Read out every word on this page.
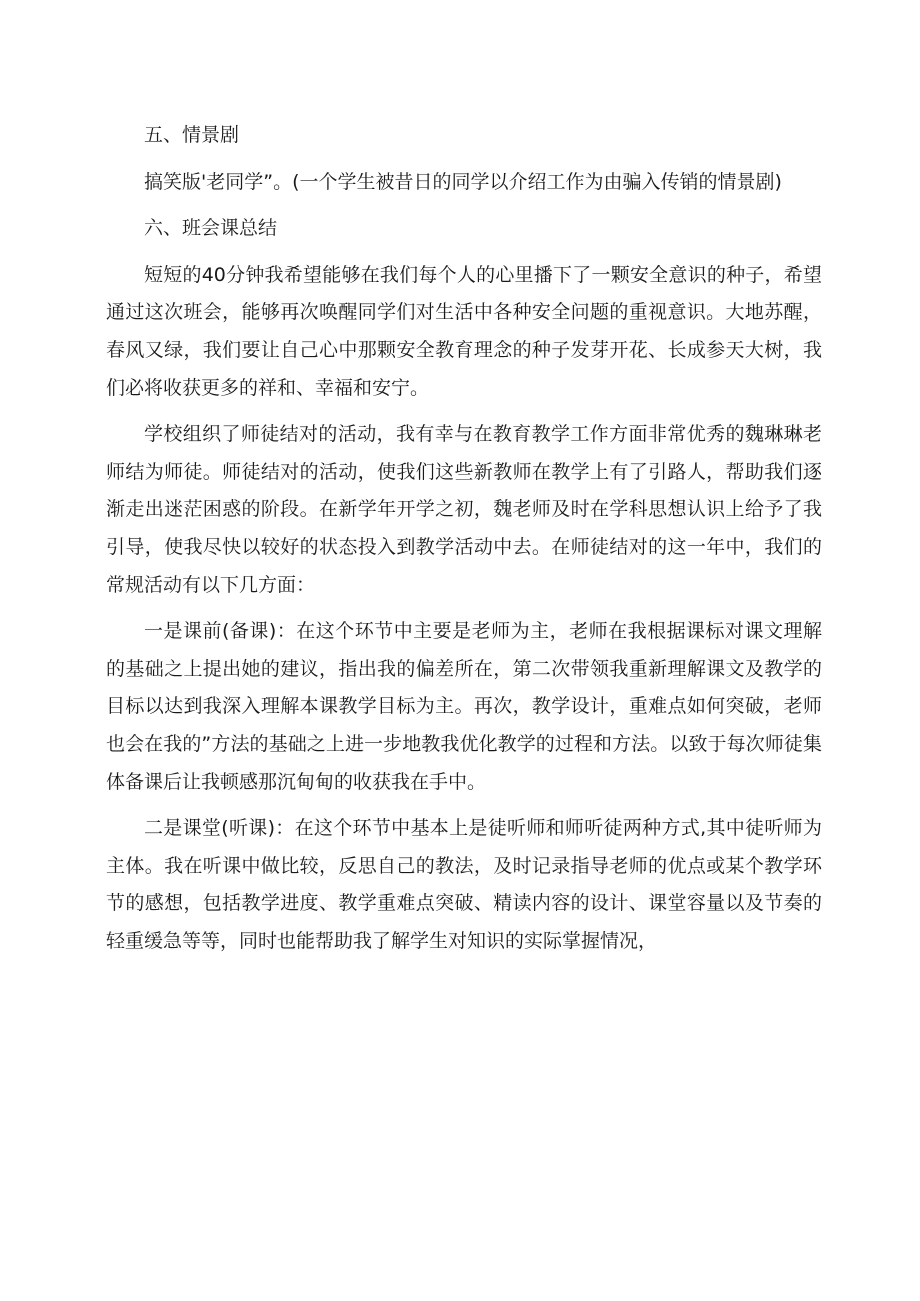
五、情景剧

搞笑版'老同学”。(一个学生被昔日的同学以介绍工作为由骗入传销的情景剧)

六、班会课总结

短短的40分钟我希望能够在我们每个人的心里播下了一颗安全意识的种子，希望通过这次班会，能够再次唤醒同学们对生活中各种安全问题的重视意识。大地苏醒，春风又绿，我们要让自己心中那颗安全教育理念的种子发芽开花、长成参天大树，我们必将收获更多的祥和、幸福和安宁。

学校组织了师徒结对的活动，我有幸与在教育教学工作方面非常优秀的魏琳琳老师结为师徒。师徒结对的活动，使我们这些新教师在教学上有了引路人，帮助我们逐渐走出迷茫困惑的阶段。在新学年开学之初，魏老师及时在学科思想认识上给予了我引导，使我尽快以较好的状态投入到教学活动中去。在师徒结对的这一年中，我们的常规活动有以下几方面：

一是课前(备课)：在这个环节中主要是老师为主，老师在我根据课标对课文理解的基础之上提出她的建议，指出我的偏差所在，第二次带领我重新理解课文及教学的目标以达到我深入理解本课教学目标为主。再次，教学设计，重难点如何突破，老师也会在我的”方法的基础之上进一步地教我优化教学的过程和方法。以致于每次师徒集体备课后让我顿感那沉甸甸的收获我在手中。

二是课堂(听课)：在这个环节中基本上是徒听师和师听徒两种方式,其中徒听师为主体。我在听课中做比较，反思自己的教法，及时记录指导老师的优点或某个教学环节的感想，包括教学进度、教学重难点突破、精读内容的设计、课堂容量以及节奏的轻重缓急等等，同时也能帮助我了解学生对知识的实际掌握情况，
